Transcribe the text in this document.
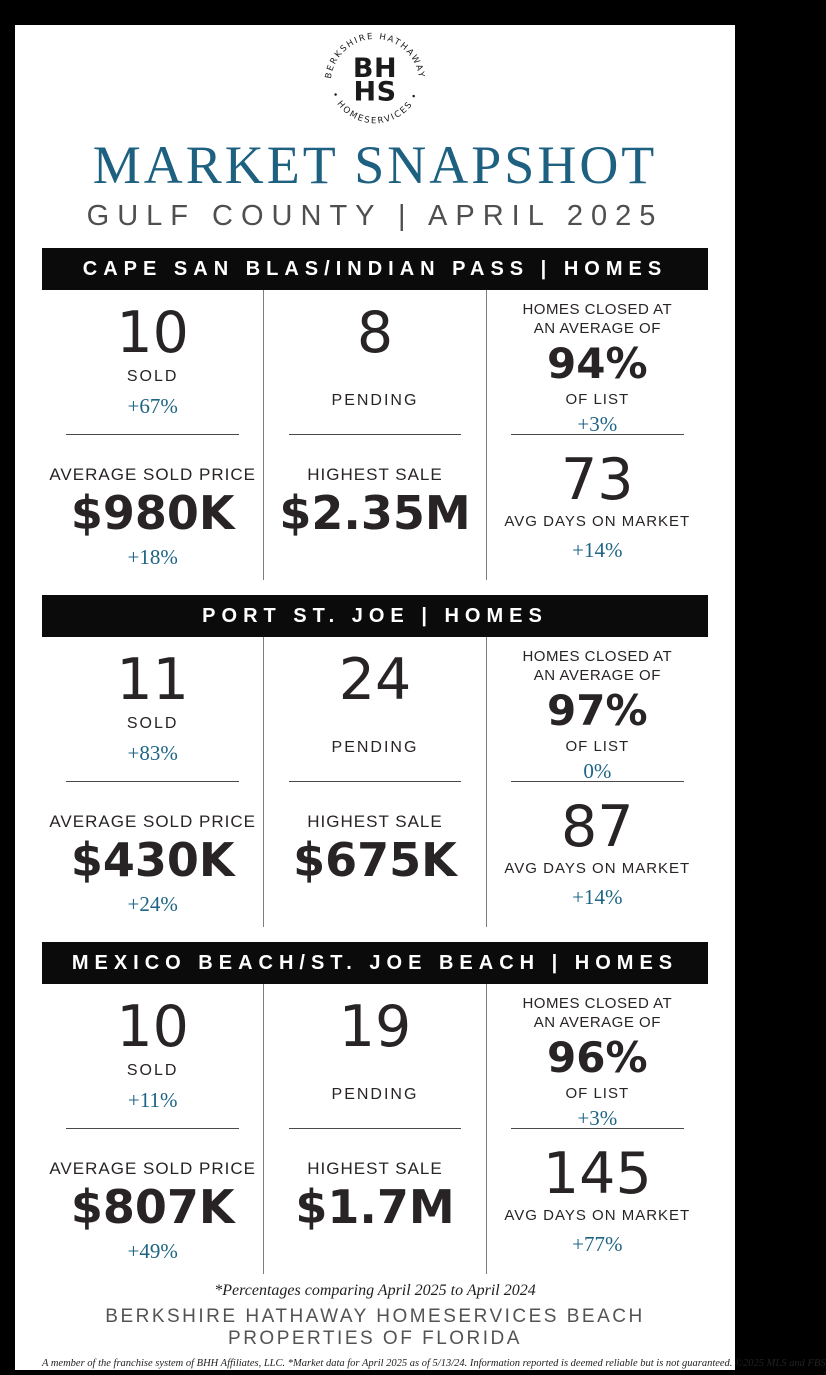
BERKSHIRE HATHAWAY
• HOMESERVICES •
BH
HS
MARKET SNAPSHOT
GULF COUNTY | APRIL 2025
CAPE SAN BLAS/INDIAN PASS | HOMES
10
SOLD
+67%
AVERAGE SOLD PRICE
$980K
+18%
8
PENDING
HIGHEST SALE
$2.35M
HOMES CLOSED AT
AN AVERAGE OF
94%
OF LIST
+3%
73
AVG DAYS ON MARKET
+14%
PORT ST. JOE | HOMES
11
SOLD
+83%
AVERAGE SOLD PRICE
$430K
+24%
24
PENDING
HIGHEST SALE
$675K
HOMES CLOSED AT
AN AVERAGE OF
97%
OF LIST
0%
87
AVG DAYS ON MARKET
+14%
MEXICO BEACH/ST. JOE BEACH | HOMES
10
SOLD
+11%
AVERAGE SOLD PRICE
$807K
+49%
19
PENDING
HIGHEST SALE
$1.7M
HOMES CLOSED AT
AN AVERAGE OF
96%
OF LIST
+3%
145
AVG DAYS ON MARKET
+77%
*Percentages comparing April 2025 to April 2024
BERKSHIRE HATHAWAY HOMESERVICES BEACH PROPERTIES OF FLORIDA
A member of the franchise system of BHH Affiliates, LLC. *Market data for April 2025 as of 5/13/24. Information reported is deemed reliable but is not guaranteed. ©2025 MLS and FBS
